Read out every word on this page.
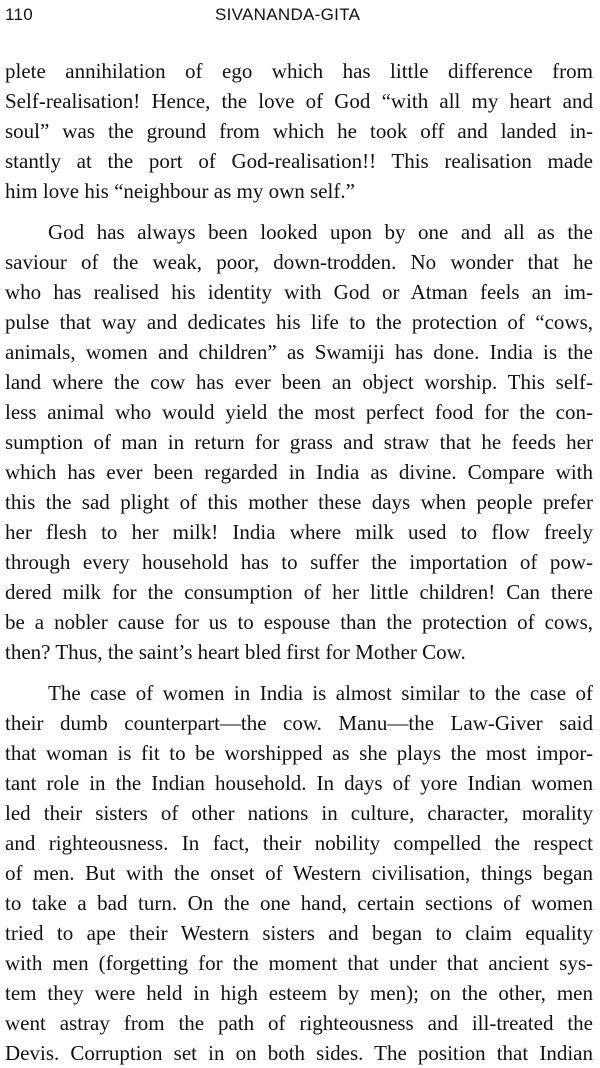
110	SIVANANDA-GITA

plete annihilation of ego which has little difference from
Self-realisation! Hence, the love of God “with all my heart and
soul” was the ground from which he took off and landed in-
stantly at the port of God-realisation!! This realisation made
him love his “neighbour as my own self.”

God has always been looked upon by one and all as the
saviour of the weak, poor, down-trodden. No wonder that he
who has realised his identity with God or Atman feels an im-
pulse that way and dedicates his life to the protection of “cows,
animals, women and children” as Swamiji has done. India is the
land where the cow has ever been an object worship. This self-
less animal who would yield the most perfect food for the con-
sumption of man in return for grass and straw that he feeds her
which has ever been regarded in India as divine. Compare with
this the sad plight of this mother these days when people prefer
her flesh to her milk! India where milk used to flow freely
through every household has to suffer the importation of pow-
dered milk for the consumption of her little children! Can there
be a nobler cause for us to espouse than the protection of cows,
then? Thus, the saint’s heart bled first for Mother Cow.

The case of women in India is almost similar to the case of
their dumb counterpart—the cow. Manu—the Law-Giver said
that woman is fit to be worshipped as she plays the most impor-
tant role in the Indian household. In days of yore Indian women
led their sisters of other nations in culture, character, morality
and righteousness. In fact, their nobility compelled the respect
of men. But with the onset of Western civilisation, things began
to take a bad turn. On the one hand, certain sections of women
tried to ape their Western sisters and began to claim equality
with men (forgetting for the moment that under that ancient sys-
tem they were held in high esteem by men); on the other, men
went astray from the path of righteousness and ill-treated the
Devis. Corruption set in on both sides. The position that Indian
